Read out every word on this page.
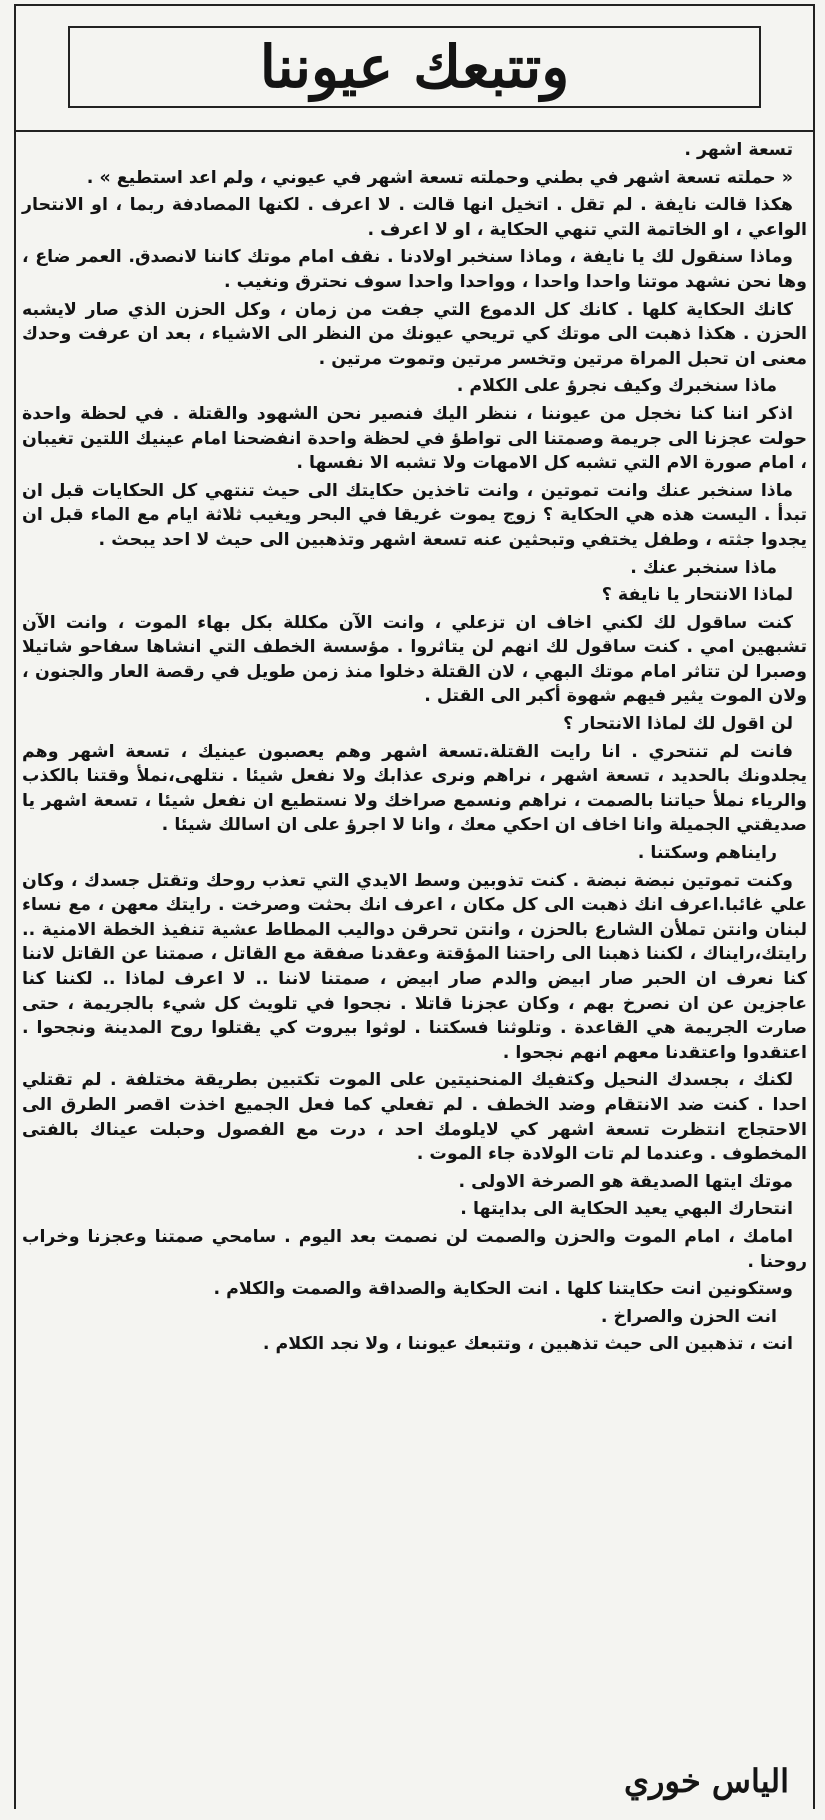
وتتبعك عيوننا

تسعة اشهر .

« حملته تسعة اشهر في بطني وحملته تسعة اشهر في عيوني ، ولم اعد استطيع » .

هكذا قالت نايفة . لم تقل . اتخيل انها قالت . لا اعرف . لكنها المصادفة ربما ، او الانتحار الواعي ، او الخاتمة التي تنهي الحكاية ، او لا اعرف .

وماذا سنقول لك يا نايفة ، وماذا سنخبر اولادنا . نقف امام موتك كاننا لانصدق. العمر ضاع ، وها نحن نشهد موتنا واحدا واحدا ، وواحدا واحدا سوف نحترق ونغيب .

كانك الحكاية كلها . كانك كل الدموع التي جفت من زمان ، وكل الحزن الذي صار لايشبه الحزن . هكذا ذهبت الى موتك كي تريحي عيونك من النظر الى الاشياء ، بعد ان عرفت وحدك معنى ان تحبل المراة مرتين وتخسر مرتين وتموت مرتين .

ماذا سنخبرك وكيف نجرؤ على الكلام .

اذكر اننا كنا نخجل من عيوننا ، ننظر اليك فنصير نحن الشهود والقتلة . في لحظة واحدة حولت عجزنا الى جريمة وصمتنا الى تواطؤ في لحظة واحدة انفضحنا امام عينيك اللتين تغيبان ، امام صورة الام التي تشبه كل الامهات ولا تشبه الا نفسها .

ماذا سنخبر عنك وانت تموتين ، وانت تاخذين حكايتك الى حيث تنتهي كل الحكايات قبل ان تبدأ . اليست هذه هي الحكاية ؟ زوج يموت غريقا في البحر ويغيب ثلاثة ايام مع الماء قبل ان يجدوا جثته ، وطفل يختفي وتبحثين عنه تسعة اشهر وتذهبين الى حيث لا احد يبحث .

ماذا سنخبر عنك .

لماذا الانتحار يا نايفة ؟

كنت ساقول لك لكني اخاف ان تزعلي ، وانت الآن مكللة بكل بهاء الموت ، وانت الآن تشبهين امي . كنت ساقول لك انهم لن يتاثروا . مؤسسة الخطف التي انشاها سفاحو شاتيلا وصبرا لن تتاثر امام موتك البهي ، لان القتلة دخلوا منذ زمن طويل في رقصة العار والجنون ، ولان الموت يثير فيهم شهوة أكبر الى القتل .

لن اقول لك لماذا الانتحار ؟

فانت لم تنتحري . انا رايت القتلة.تسعة اشهر وهم يعصبون عينيك ، تسعة اشهر وهم يجلدونك بالحديد ، تسعة اشهر ، نراهم ونرى عذابك ولا نفعل شيئا . نتلهى،نملأ وقتنا بالكذب والرياء نملأ حياتنا بالصمت ، نراهم ونسمع صراخك ولا نستطيع ان نفعل شيئا ، تسعة اشهر يا صديقتي الجميلة وانا اخاف ان احكي معك ، وانا لا اجرؤ على ان اسالك شيئا .

رايناهم وسكتنا .

وكنت تموتين نبضة نبضة . كنت تذوبين وسط الايدي التي تعذب روحك وتقتل جسدك ، وكان علي غائبا.اعرف انك ذهبت الى كل مكان ، اعرف انك بحثت وصرخت . رايتك معهن ، مع نساء لبنان وانتن تملأن الشارع بالحزن ، وانتن تحرقن دواليب المطاط عشية تنفيذ الخطة الامنية .. رايتك،رايناك ، لكننا ذهبنا الى راحتنا المؤقتة وعقدنا صفقة مع القاتل ، صمتنا عن القاتل لاننا كنا نعرف ان الحبر صار ابيض والدم صار ابيض ، صمتنا لاننا .. لا اعرف لماذا .. لكننا كنا عاجزين عن ان نصرخ بهم ، وكان عجزنا قاتلا . نجحوا في تلويث كل شيء بالجريمة ، حتى صارت الجريمة هي القاعدة . وتلوثنا فسكتنا . لوثوا بيروت كي يقتلوا روح المدينة ونجحوا . اعتقدوا واعتقدنا معهم انهم نجحوا .

لكنك ، بجسدك النحيل وكتفيك المنحنيتين على الموت تكتبين بطريقة مختلفة . لم تقتلي احدا . كنت ضد الانتقام وضد الخطف . لم تفعلي كما فعل الجميع اخذت اقصر الطرق الى الاحتجاج انتظرت تسعة اشهر كي لايلومك احد ، درت مع الفصول وحبلت عيناك بالفتى المخطوف . وعندما لم تات الولادة جاء الموت .

موتك ايتها الصديقة هو الصرخة الاولى .

انتحارك البهي يعيد الحكاية الى بدايتها .

امامك ، امام الموت والحزن والصمت لن نصمت بعد اليوم . سامحي صمتنا وعجزنا وخراب روحنا .

وستكونين انت حكايتنا كلها . انت الحكاية والصداقة والصمت والكلام .

انت الحزن والصراخ .

انت ، تذهبين الى حيث تذهبين ، وتتبعك عيوننا ، ولا نجد الكلام .

الياس خوري
